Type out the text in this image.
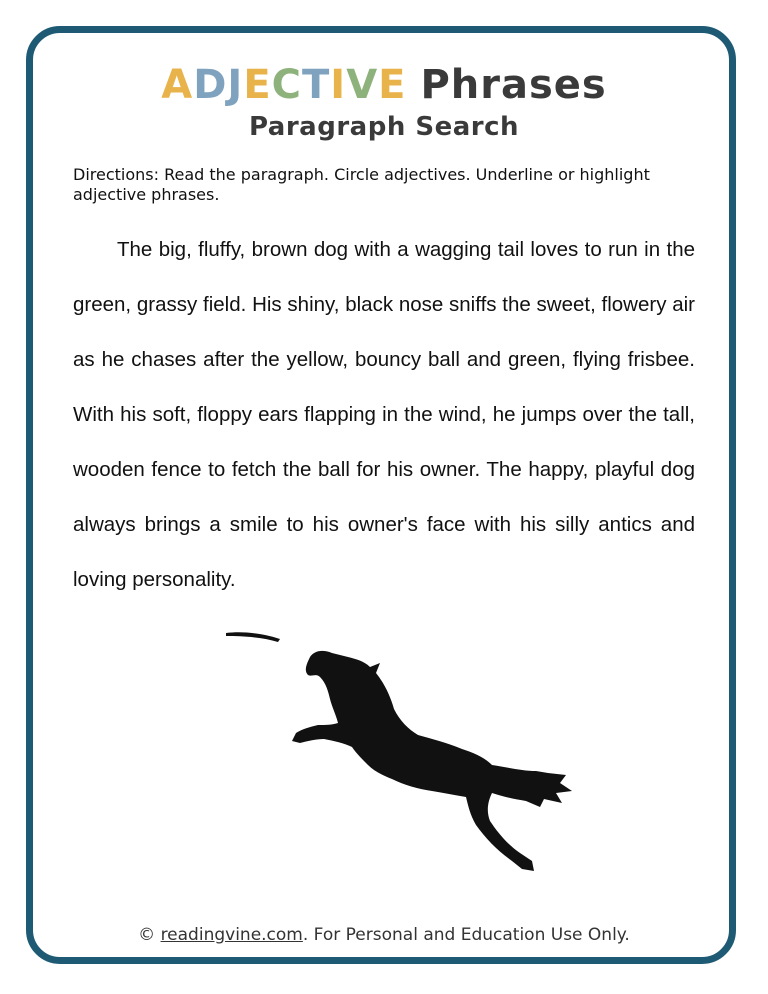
ADJECTIVE Phrases
Paragraph Search
Directions: Read the paragraph. Circle adjectives. Underline or highlight adjective phrases.
The big, fluffy, brown dog with a wagging tail loves to run in the green, grassy field. His shiny, black nose sniffs the sweet, flowery air as he chases after the yellow, bouncy ball and green, flying frisbee. With his soft, floppy ears flapping in the wind, he jumps over the tall, wooden fence to fetch the ball for his owner. The happy, playful dog always brings a smile to his owner's face with his silly antics and loving personality.
© readingvine.com. For Personal and Education Use Only.
